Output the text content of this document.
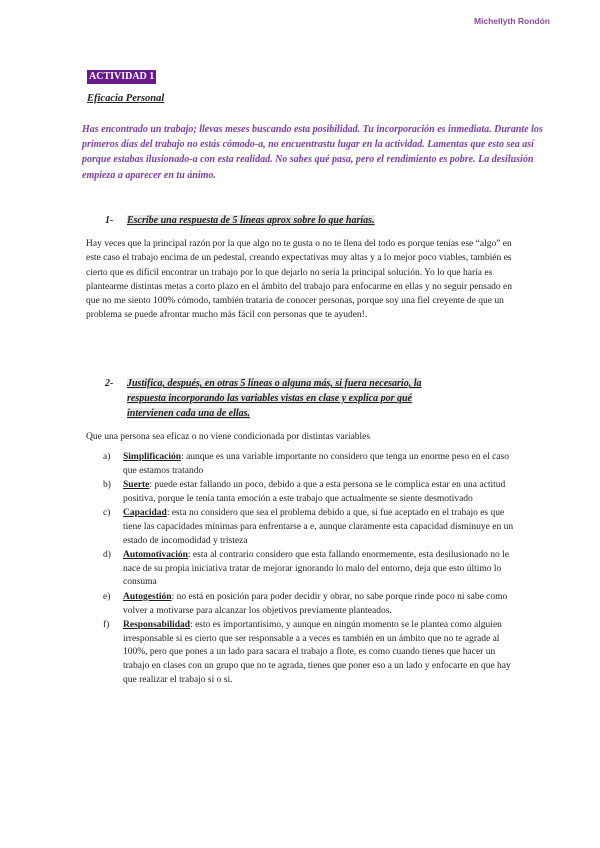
Michellyth Rondón
ACTIVIDAD 1
Eficacia Personal

Has encontrado un trabajo; llevas meses buscando esta posibilidad. Tu incorporación es inmediata. Durante los primeros días del trabajo no estás cómodo-a, no encuentrastu lugar en la actividad. Lamentas que esto sea así porque estabas ilusionado-a con esta realidad. No sabes qué pasa, pero el rendimiento es pobre. La desilusión empieza a aparecer en tu ánimo.

1- Escribe una respuesta de 5 líneas aprox sobre lo que harías.

Hay veces que la principal razón por la que algo no te gusta o no te llena del todo es porque tenías ese “algo” en este caso el trabajo encima de un pedestal, creando expectativas muy altas y a lo mejor poco viables, también es cierto que es difícil encontrar un trabajo por lo que dejarlo no sería la principal solución. Yo lo que haría es plantearme distintas metas a corto plazo en el ámbito del trabajo para enfocarme en ellas y no seguir pensado en que no me siento 100% cómodo, también trataría de conocer personas, porque soy una fiel creyente de que un problema se puede afrontar mucho más fácil con personas que te ayuden!.

2- Justifica, después, en otras 5 líneas o alguna más, si fuera necesario, la
respuesta incorporando las variables vistas en clase y explica por qué
intervienen cada una de ellas.
Que una persona sea eficaz o no viene condicionada por distintas variables
a) Simplificación: aunque es una variable importante no considero que tenga un enorme peso en el caso que estamos tratando
b) Suerte: puede estar fallando un poco, debido a que a esta persona se le complica estar en una actitud positiva, porque le tenía tanta emoción a este trabajo que actualmente se siente desmotivado
c) Capacidad: esta no considero que sea el problema debido a que, si fue aceptado en el trabajo es que tiene las capacidades mínimas para enfrentarse a e, aunque claramente esta capacidad disminuye en un estado de incomodidad y tristeza
d) Automotivación: esta al contrario considero que esta fallando enormemente, esta desilusionado no le nace de su propia iniciativa tratar de mejorar ignorando lo malo del entorno, deja que esto último lo consuma
e) Autogestión: no está en posición para poder decidir y obrar, no sabe porque rinde poco ni sabe como volver a motivarse para alcanzar los objetivos previamente planteados.
f) Responsabilidad: esto es importantísimo, y aunque en ningún momento se le plantea como alguien irresponsable si es cierto que ser responsable a a veces es también en un ámbito que no te agrade al 100%, pero que pones a un lado para sacara el trabajo a flote, es como cuando tienes que hacer un trabajo en clases con un grupo que no te agrada, tienes que poner eso a un lado y enfocarte en que hay que realizar el trabajo si o si.
